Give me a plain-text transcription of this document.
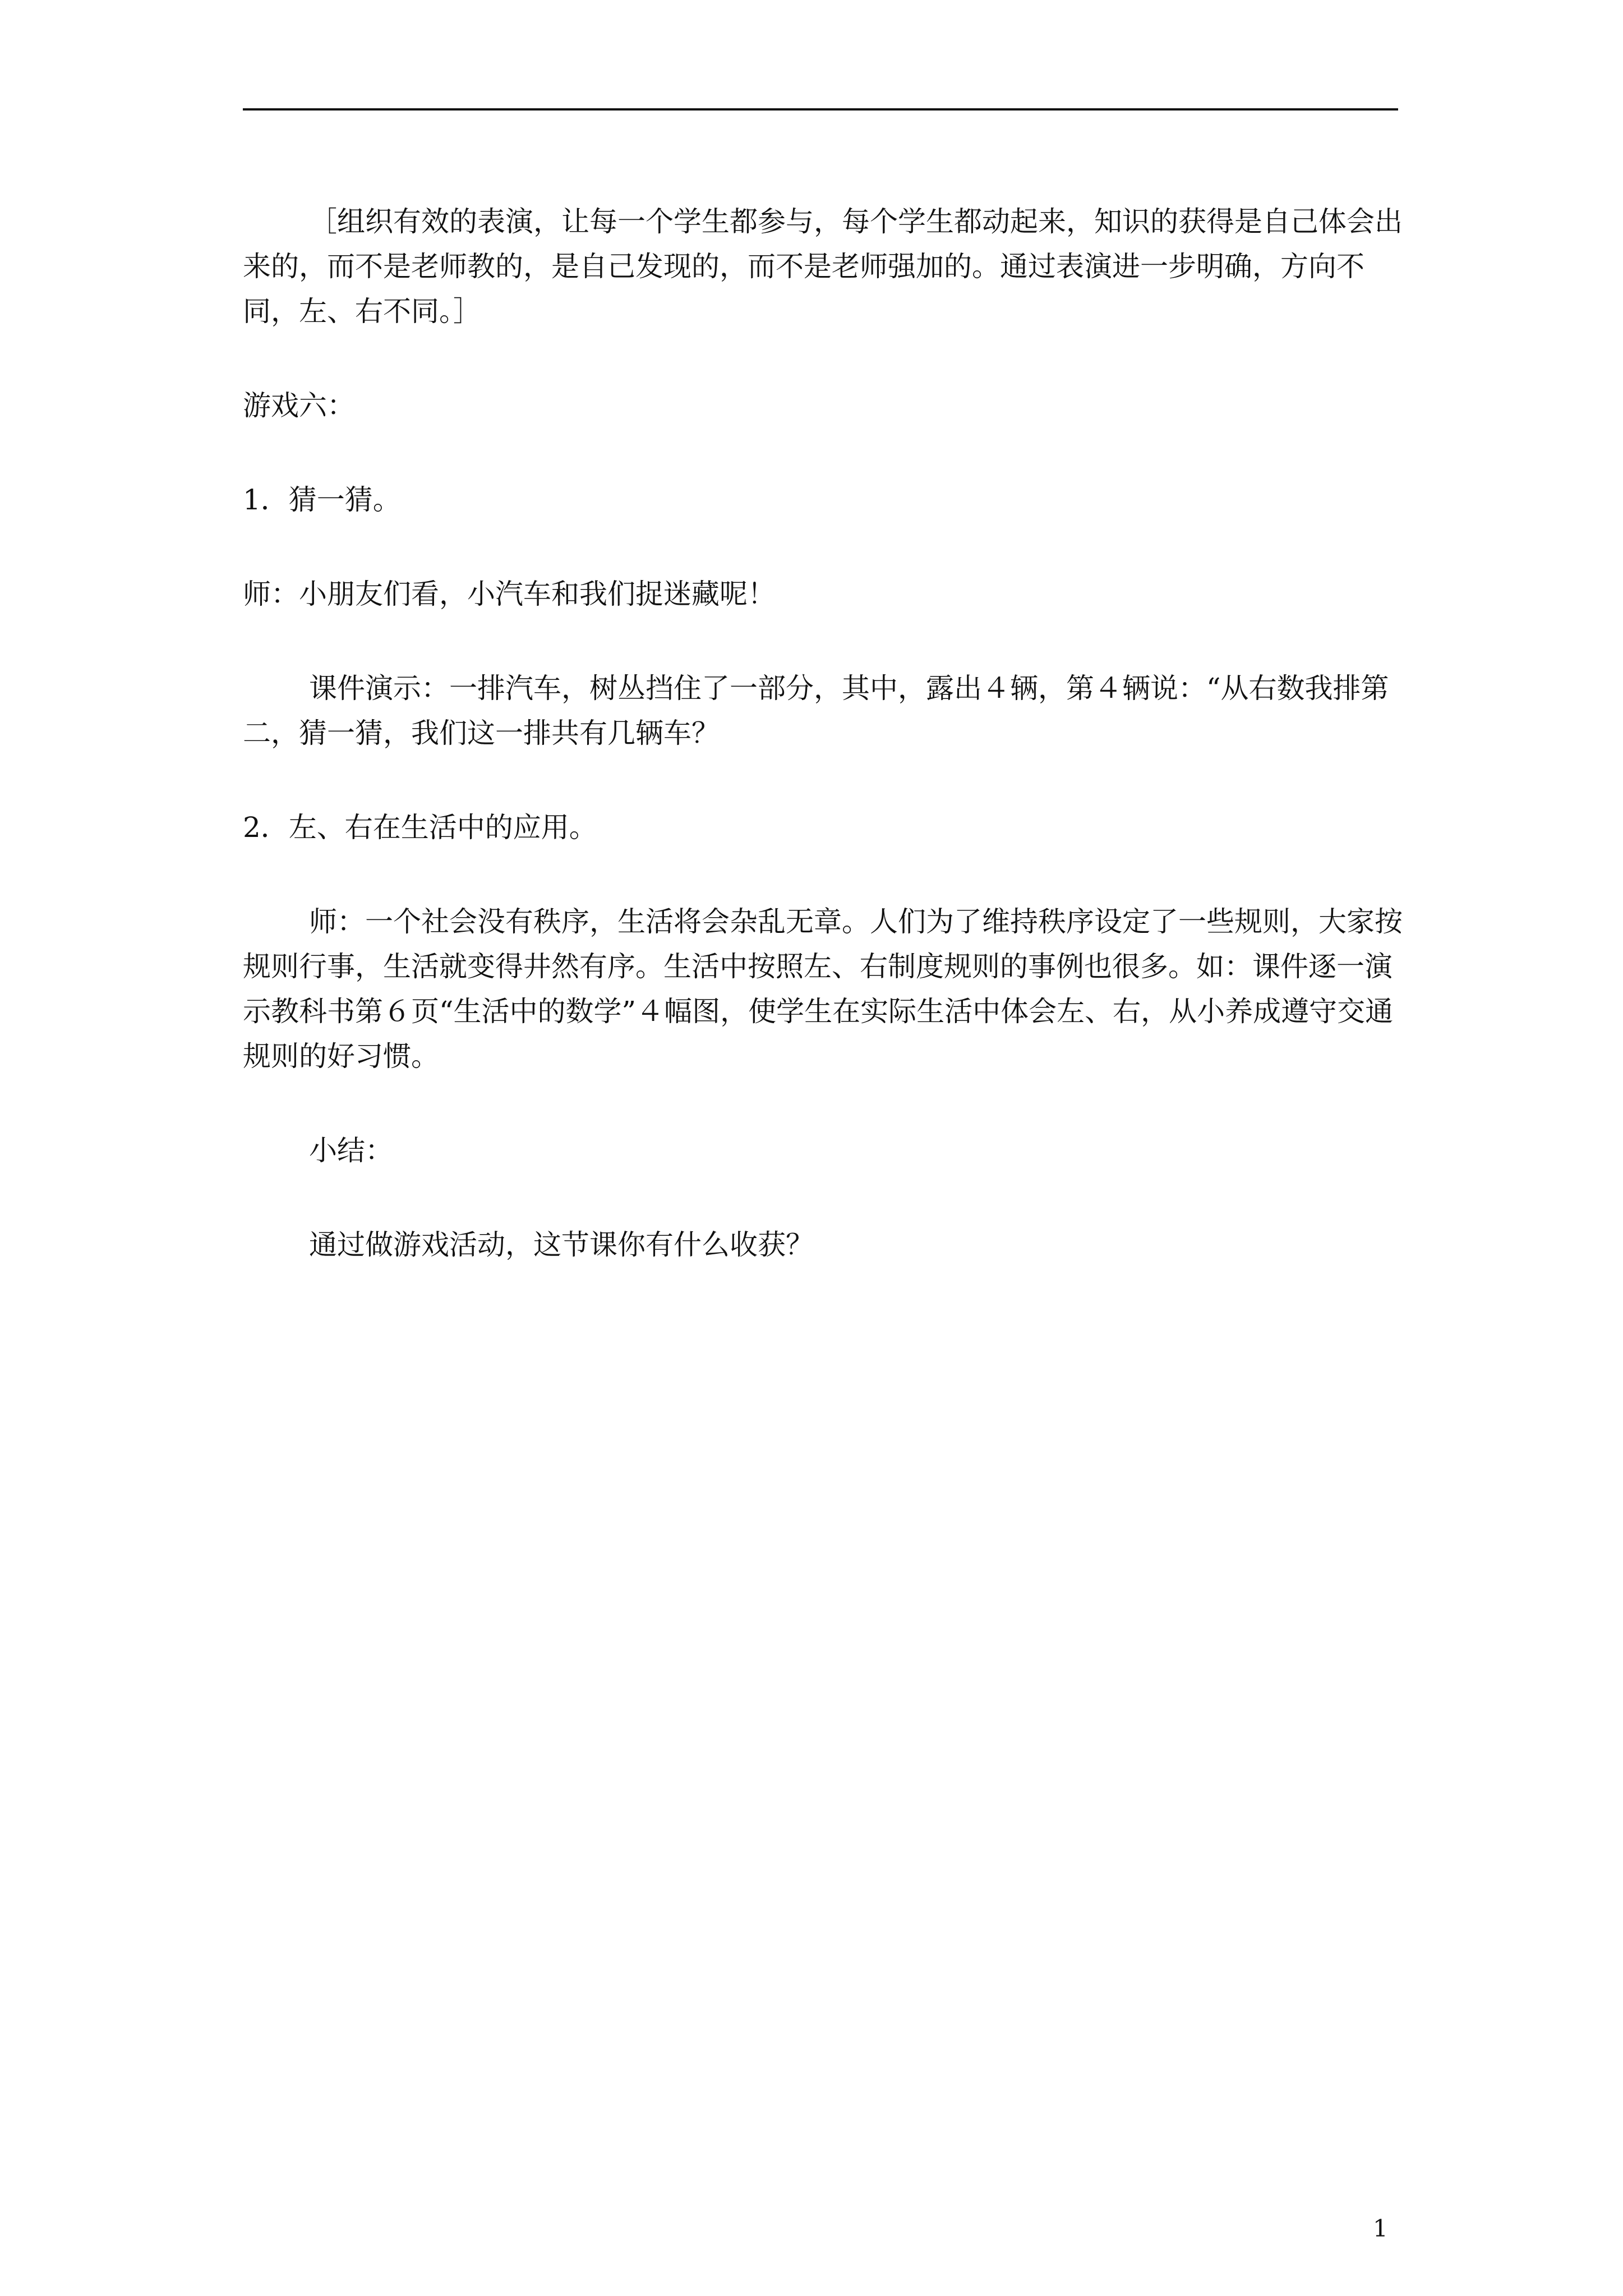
［组织有效的表演，让每一个学生都参与，每个学生都动起来，知识的获得是自己体会出来的，而不是老师教的，是自己发现的，而不是老师强加的。通过表演进一步明确，方向不同，左、右不同。］

游戏六：

1．猜一猜。

师：小朋友们看，小汽车和我们捉迷藏呢！

课件演示：一排汽车，树丛挡住了一部分，其中，露出４辆，第４辆说：“从右数我排第二，猜一猜，我们这一排共有几辆车？

2．左、右在生活中的应用。

师：一个社会没有秩序，生活将会杂乱无章。人们为了维持秩序设定了一些规则，大家按规则行事，生活就变得井然有序。生活中按照左、右制度规则的事例也很多。如：课件逐一演示教科书第６页“生活中的数学”４幅图，使学生在实际生活中体会左、右，从小养成遵守交通规则的好习惯。

小结：

通过做游戏活动，这节课你有什么收获？

1
